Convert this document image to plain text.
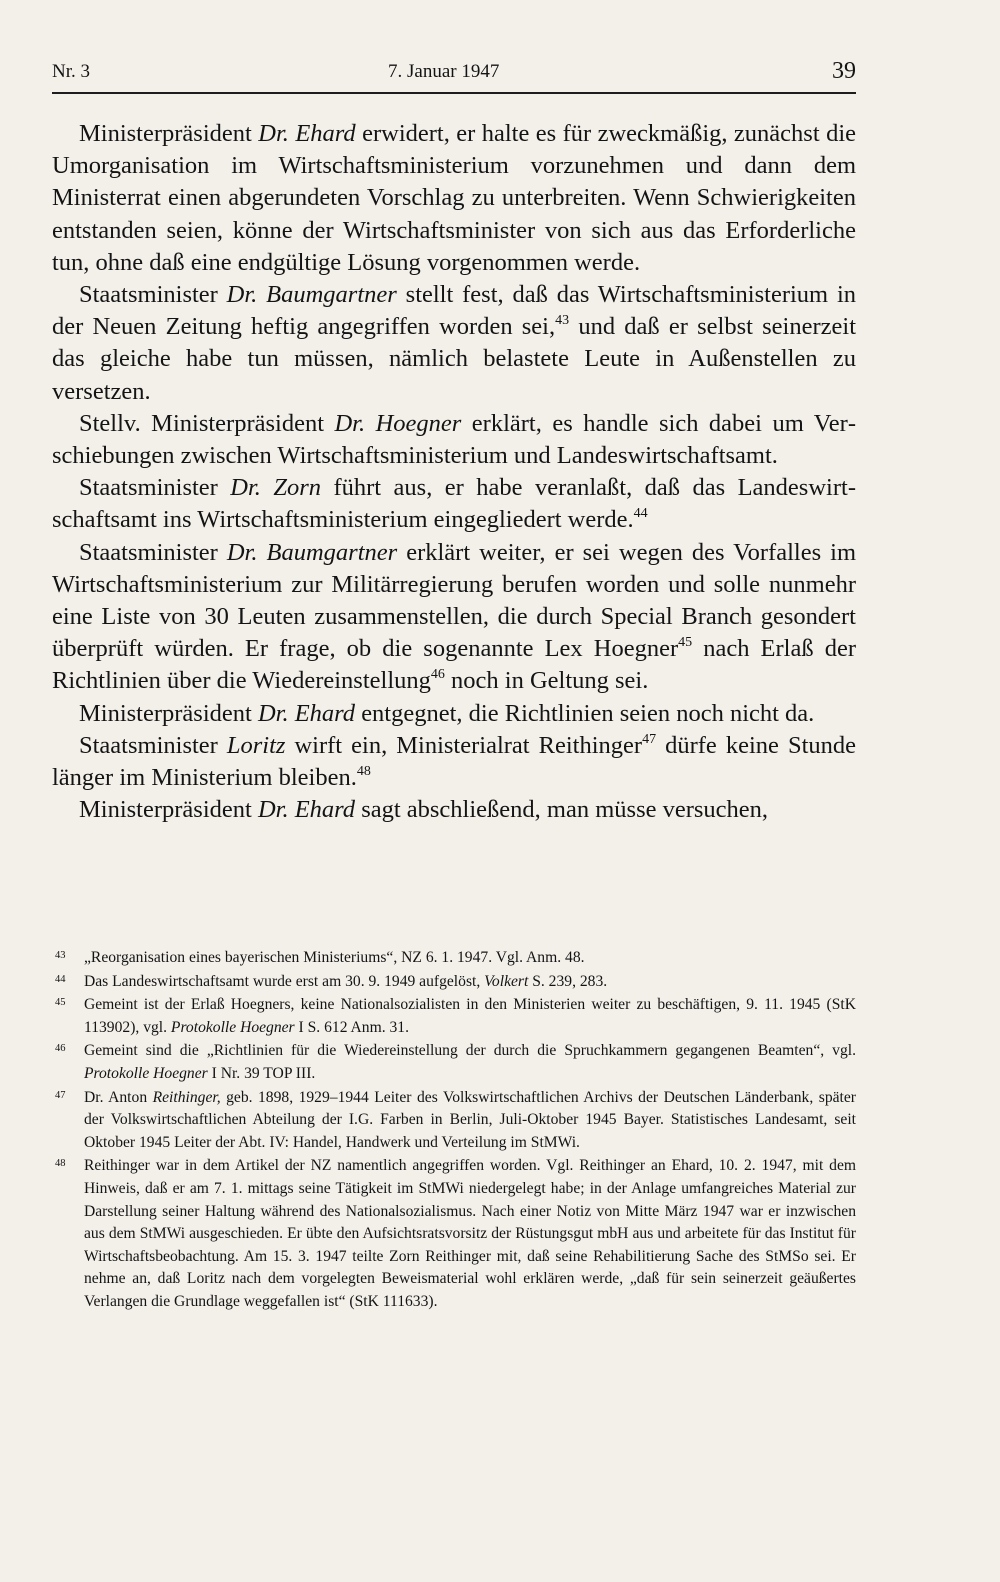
Nr. 3	7. Januar 1947	39

Ministerpräsident Dr. Ehard erwidert, er halte es für zweckmäßig, zunächst die Umorganisation im Wirtschaftsministerium vorzunehmen und dann dem Ministerrat einen abgerundeten Vorschlag zu unterbreiten. Wenn Schwierigkeiten entstanden seien, könne der Wirtschaftsminister von sich aus das Erforderliche tun, ohne daß eine endgültige Lösung vorgenommen werde.

Staatsminister Dr. Baumgartner stellt fest, daß das Wirtschaftsministerium in der Neuen Zeitung heftig angegriffen worden sei,$^{43}$ und daß er selbst seinerzeit das gleiche habe tun müssen, nämlich belastete Leute in Außenstellen zu versetzen.

Stellv. Ministerpräsident Dr. Hoegner erklärt, es handle sich dabei um Verschiebungen zwischen Wirtschaftsministerium und Landeswirtschaftsamt.

Staatsminister Dr. Zorn führt aus, er habe veranlaßt, daß das Landeswirtschaftsamt ins Wirtschaftsministerium eingegliedert werde.$^{44}$

Staatsminister Dr. Baumgartner erklärt weiter, er sei wegen des Vorfalles im Wirtschaftsministerium zur Militärregierung berufen worden und solle nunmehr eine Liste von 30 Leuten zusammenstellen, die durch Special Branch gesondert überprüft würden. Er frage, ob die sogenannte Lex Hoegner$^{45}$ nach Erlaß der Richtlinien über die Wiedereinstellung$^{46}$ noch in Geltung sei.

Ministerpräsident Dr. Ehard entgegnet, die Richtlinien seien noch nicht da.

Staatsminister Loritz wirft ein, Ministerialrat Reithinger$^{47}$ dürfe keine Stunde länger im Ministerium bleiben.$^{48}$

Ministerpräsident Dr. Ehard sagt abschließend, man müsse versuchen,

43 „Reorganisation eines bayerischen Ministeriums“, NZ 6. 1. 1947. Vgl. Anm. 48.

44 Das Landeswirtschaftsamt wurde erst am 30. 9. 1949 aufgelöst, Volkert S. 239, 283.

45 Gemeint ist der Erlaß Hoegners, keine Nationalsozialisten in den Ministerien weiter zu beschäftigen, 9. 11. 1945 (StK 113902), vgl. Protokolle Hoegner I S. 612 Anm. 31.

46 Gemeint sind die „Richtlinien für die Wiedereinstellung der durch die Spruchkammern gegangenen Beamten“, vgl. Protokolle Hoegner I Nr. 39 TOP III.

47 Dr. Anton Reithinger, geb. 1898, 1929–1944 Leiter des Volkswirtschaftlichen Archivs der Deutschen Länderbank, später der Volkswirtschaftlichen Abteilung der I.G. Farben in Berlin, Juli-Oktober 1945 Bayer. Statistisches Landesamt, seit Oktober 1945 Leiter der Abt. IV: Handel, Handwerk und Verteilung im StMWi.

48 Reithinger war in dem Artikel der NZ namentlich angegriffen worden. Vgl. Reithinger an Ehard, 10. 2. 1947, mit dem Hinweis, daß er am 7. 1. mittags seine Tätigkeit im StMWi niedergelegt habe; in der Anlage umfangreiches Material zur Darstellung seiner Haltung während des Nationalsozialismus. Nach einer Notiz von Mitte März 1947 war er inzwischen aus dem StMWi ausgeschieden. Er übte den Aufsichtsratsvorsitz der Rüstungsgut mbH aus und arbeitete für das Institut für Wirtschaftsbeobachtung. Am 15. 3. 1947 teilte Zorn Reithinger mit, daß seine Rehabilitierung Sache des StMSo sei. Er nehme an, daß Loritz nach dem vorgelegten Beweismaterial wohl erklären werde, „daß für sein seinerzeit geäußertes Verlangen die Grundlage weggefallen ist“ (StK 111633).
